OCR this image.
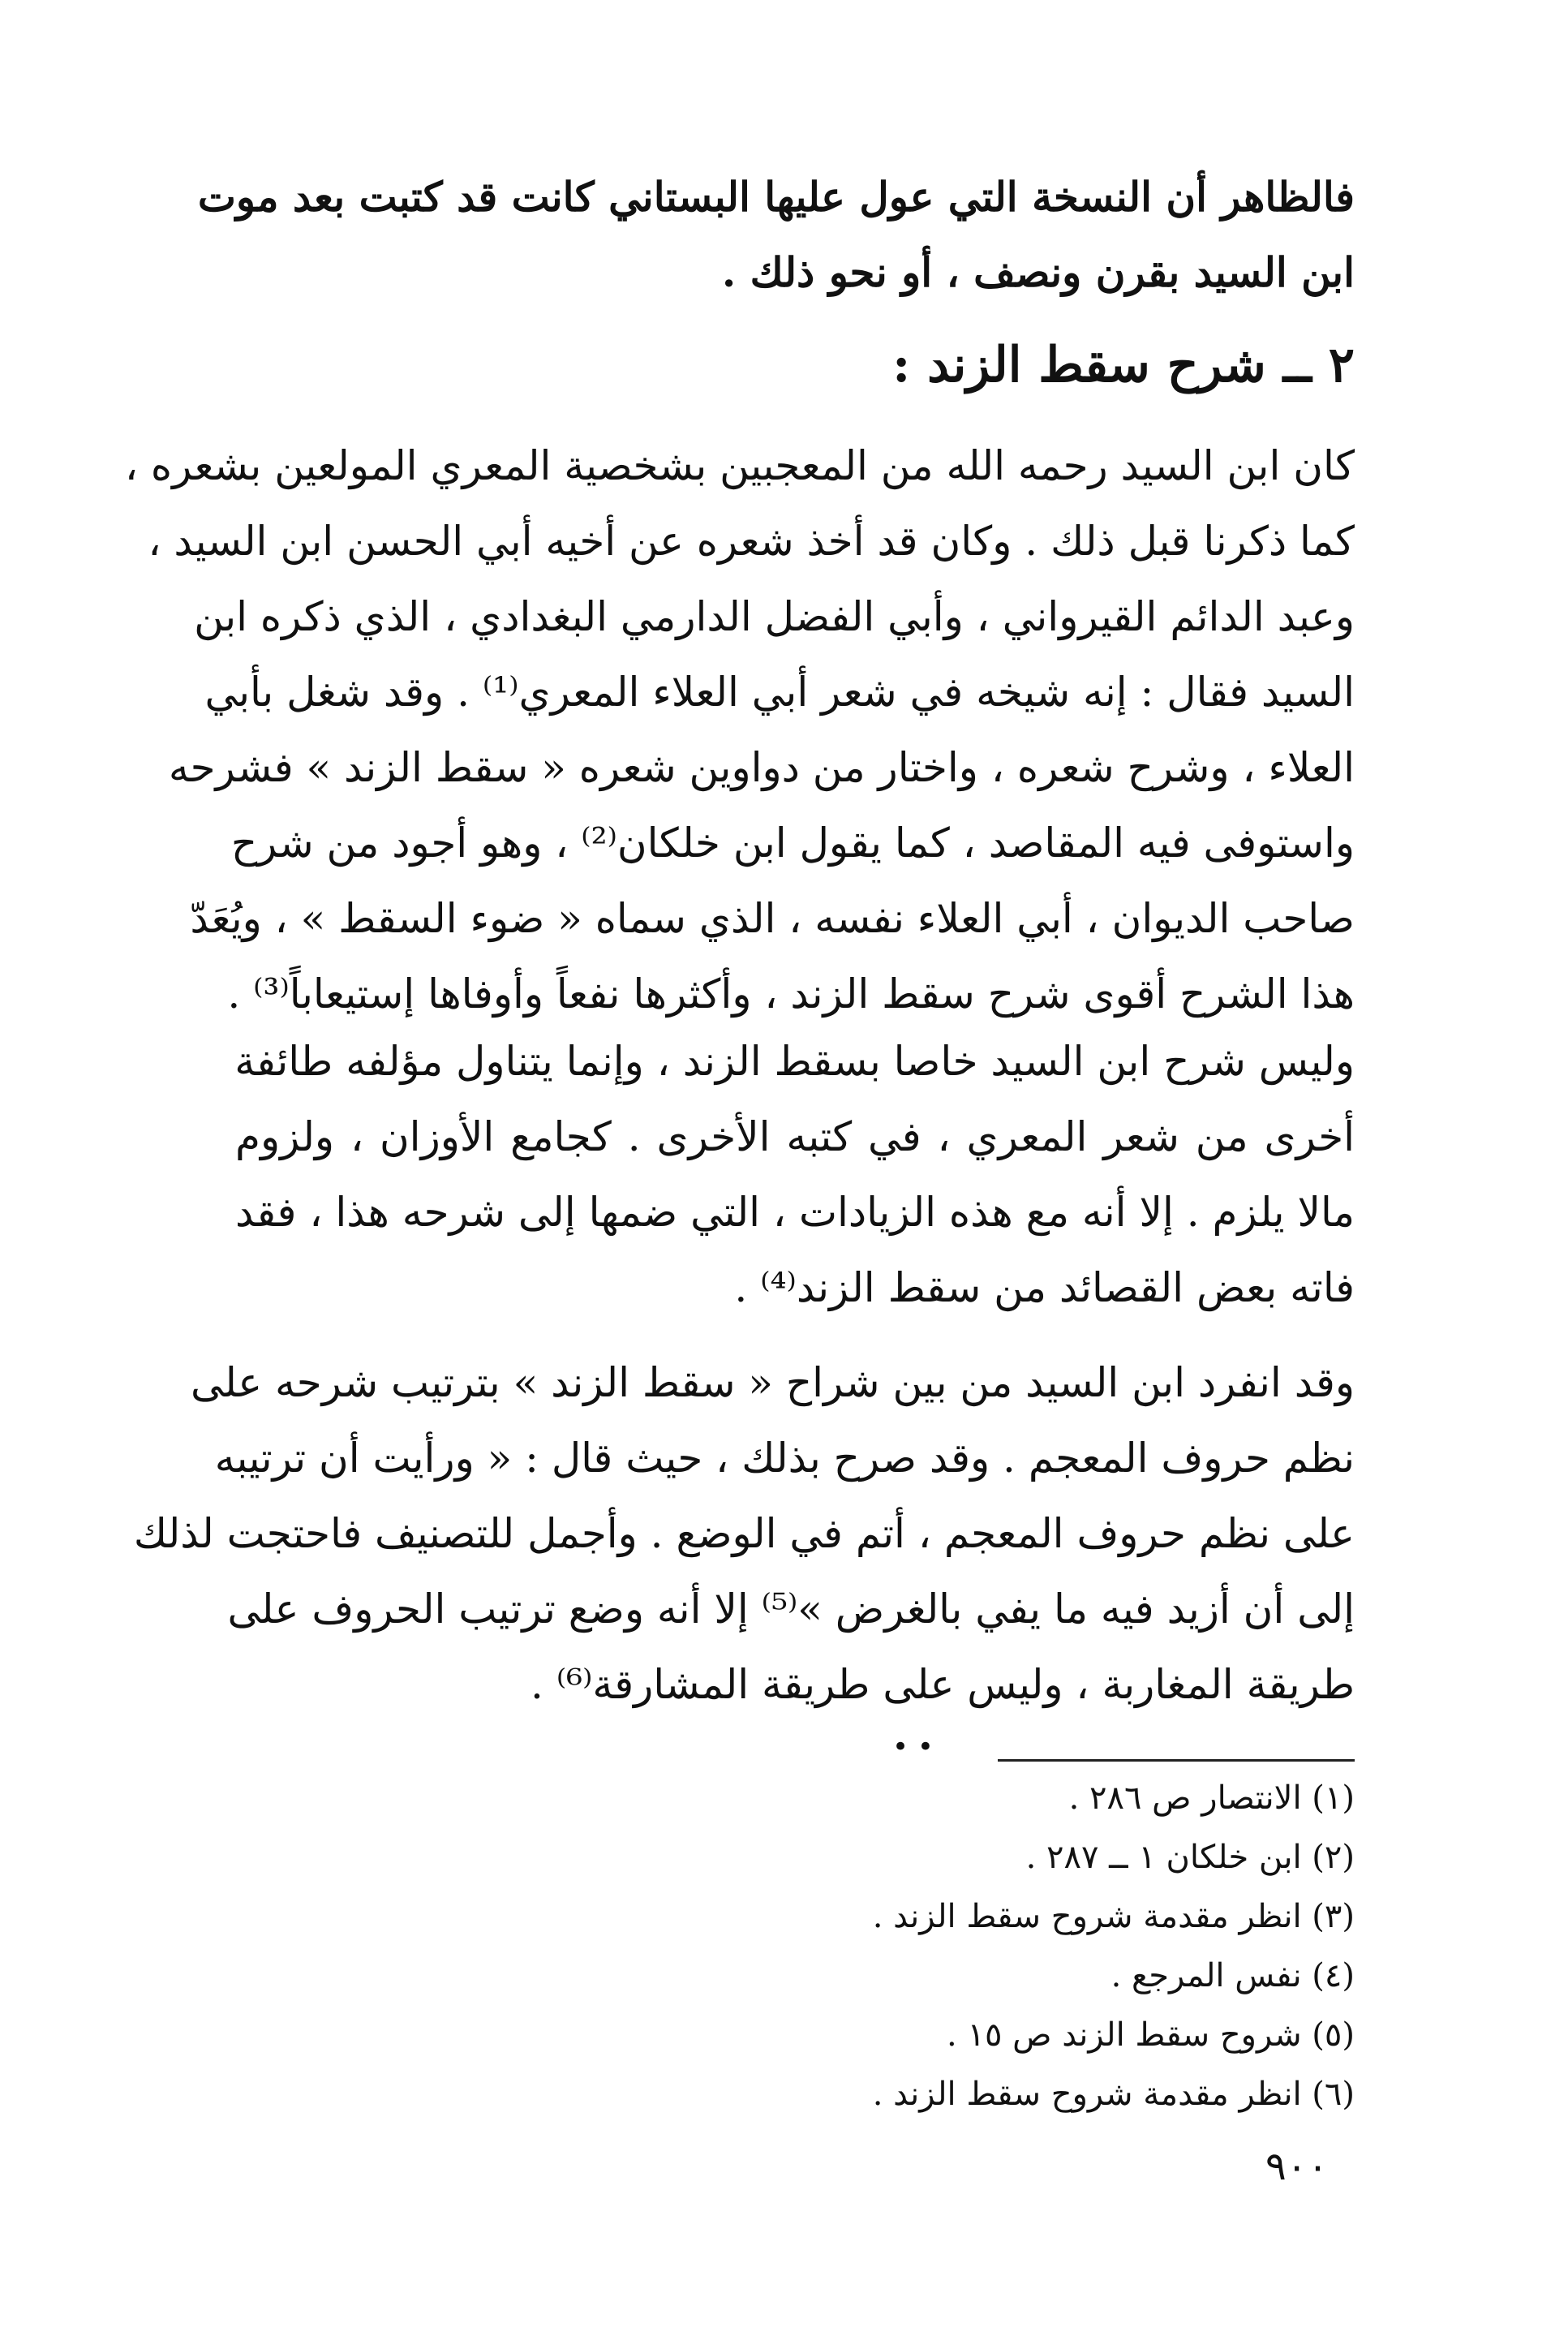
فالظاهر أن النسخة التي عول عليها البستاني كانت قد كتبت بعد موت
ابن السيد بقرن ونصف ، أو نحو ذلك .
٢ ــ شرح سقط الزند :
كان ابن السيد رحمه الله من المعجبين بشخصية المعري المولعين بشعره ،
كما ذكرنا قبل ذلك . وكان قد أخذ شعره عن أخيه أبي الحسن ابن السيد ،
وعبد الدائم القيرواني ، وأبي الفضل الدارمي البغدادي ، الذي ذكره ابن
السيد فقال : إنه شيخه في شعر أبي العلاء المعري⁽¹⁾ . وقد شغل بأبي
العلاء ، وشرح شعره ، واختار من دواوين شعره « سقط الزند » فشرحه
واستوفى فيه المقاصد ، كما يقول ابن خلكان⁽²⁾ ، وهو أجود من شرح
صاحب الديوان ، أبي العلاء نفسه ، الذي سماه « ضوء السقط » ، ويُعَدّ
هذا الشرح أقوى شرح سقط الزند ، وأكثرها نفعاً وأوفاها إستيعاباً⁽³⁾ .
وليس شرح ابن السيد خاصا بسقط الزند ، وإنما يتناول مؤلفه طائفة
أخرى من شعر المعري ، في كتبه الأخرى . كجامع الأوزان ، ولزوم
مالا يلزم . إلا أنه مع هذه الزيادات ، التي ضمها إلى شرحه هذا ، فقد
فاته بعض القصائد من سقط الزند⁽⁴⁾ .
وقد انفرد ابن السيد من بين شراح « سقط الزند » بترتيب شرحه على
نظم حروف المعجم . وقد صرح بذلك ، حيث قال : « ورأيت أن ترتيبه
على نظم حروف المعجم ، أتم في الوضع . وأجمل للتصنيف فاحتجت لذلك
إلى أن أزيد فيه ما يفي بالغرض »⁽⁵⁾ إلا أنه وضع ترتيب الحروف على
طريقة المغاربة ، وليس على طريقة المشارقة⁽⁶⁾ .
• •
(١) الانتصار ص ٢٨٦ .
(٢) ابن خلكان ١ ــ ٢٨٧ .
(٣) انظر مقدمة شروح سقط الزند .
(٤) نفس المرجع .
(٥) شروح سقط الزند ص ١٥ .
(٦) انظر مقدمة شروح سقط الزند .
٩٠٠
